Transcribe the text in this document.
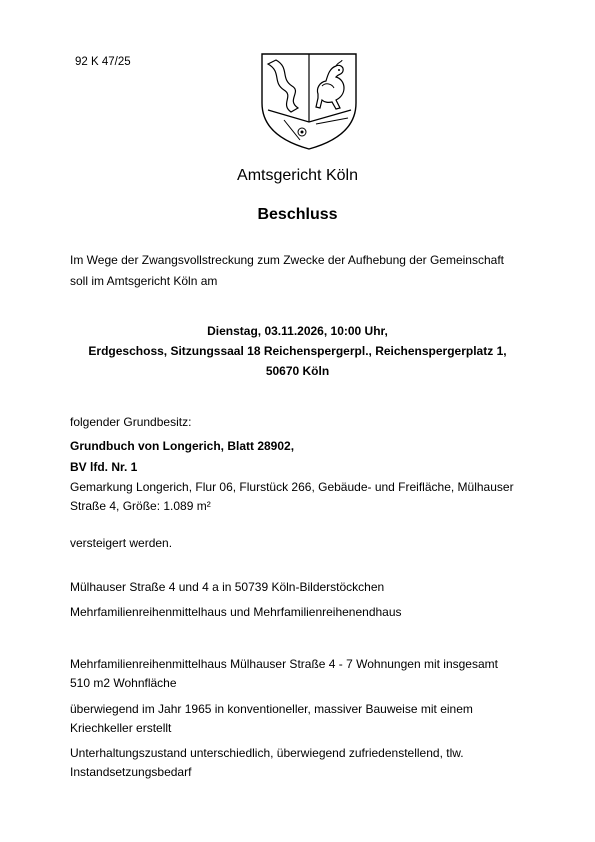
92 K 47/25
Amtsgericht Köln
Beschluss
Im Wege der Zwangsvollstreckung zum Zwecke der Aufhebung der Gemeinschaft
soll im Amtsgericht Köln am
Dienstag, 03.11.2026, 10:00 Uhr,
Erdgeschoss, Sitzungssaal 18 Reichenspergerpl., Reichenspergerplatz 1,
50670 Köln
folgender Grundbesitz:
Grundbuch von Longerich, Blatt 28902,
BV lfd. Nr. 1
Gemarkung Longerich, Flur 06, Flurstück 266, Gebäude- und Freifläche, Mülhauser
Straße 4, Größe: 1.089 m²
versteigert werden.
Mülhauser Straße 4 und 4 a in 50739 Köln-Bilderstöckchen
Mehrfamilienreihenmittelhaus und Mehrfamilienreihenendhaus
Mehrfamilienreihenmittelhaus Mülhauser Straße 4 - 7 Wohnungen mit insgesamt
510 m2 Wohnfläche
überwiegend im Jahr 1965 in konventioneller, massiver Bauweise mit einem
Kriechkeller erstellt
Unterhaltungszustand unterschiedlich, überwiegend zufriedenstellend, tlw.
Instandsetzungsbedarf
